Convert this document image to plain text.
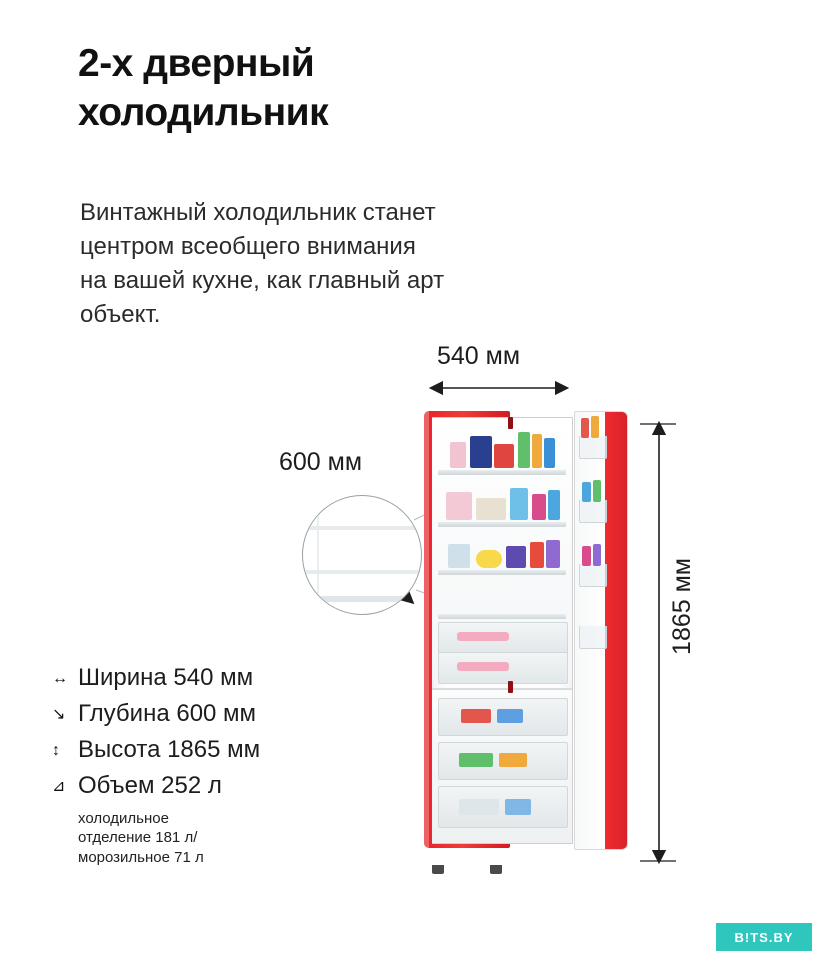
2-х дверный
холодильник
Винтажный холодильник станет
центром всеобщего внимания
на вашей кухне, как главный арт
объект.
540 мм
600 мм
1865 мм
↔ Ширина 540 мм
↘ Глубина 600 мм
↕ Высота 1865 мм
⊿ Объем 252 л
холодильное
отделение 181 л/
морозильное 71 л
B!TS.BY
